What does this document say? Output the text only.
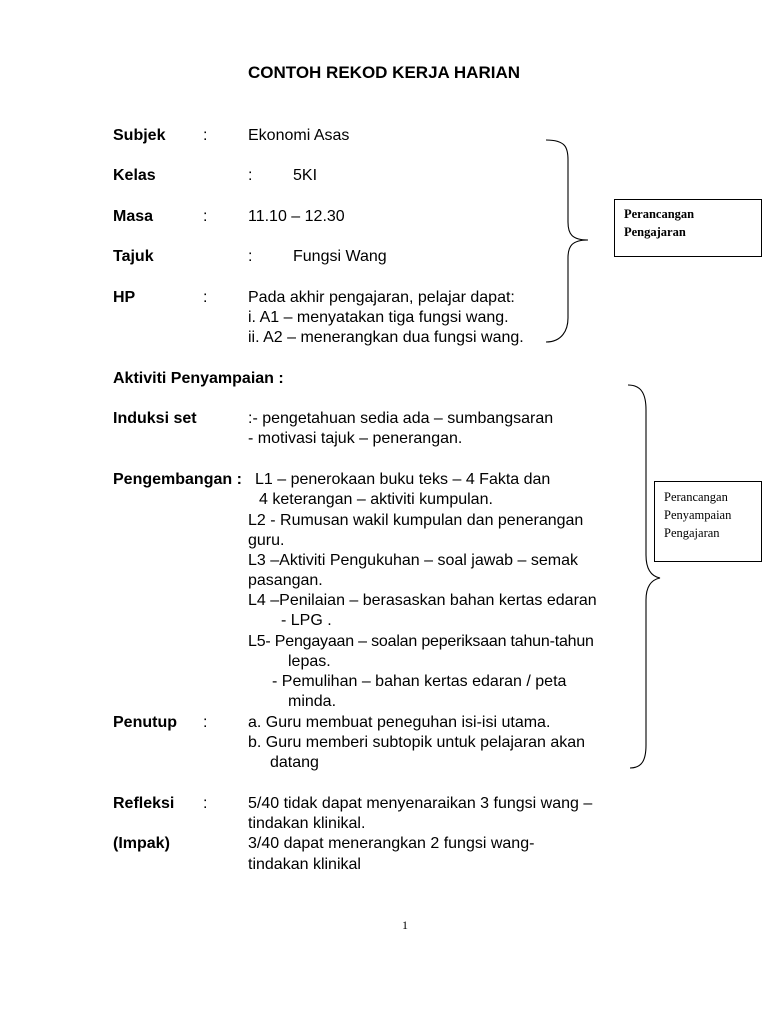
CONTOH REKOD KERJA HARIAN
Subjek :	Ekonomi Asas
Kelas	:	5KI
Masa	:	11.10 – 12.30
Tajuk	:	Fungsi Wang
HP	:	Pada akhir pengajaran, pelajar dapat:
i. A1 – menyatakan tiga fungsi wang.
ii. A2 – menerangkan dua fungsi wang.
Aktiviti Penyampaian :
Induksi set	:- pengetahuan sedia ada – sumbangsaran
- motivasi tajuk – penerangan.
Pengembangan : L1 – penerokaan buku teks – 4 Fakta dan
4 keterangan – aktiviti kumpulan.
L2 - Rumusan wakil kumpulan dan penerangan
guru.
L3 –Aktiviti Pengukuhan – soal jawab – semak
pasangan.
L4 –Penilaian – berasaskan bahan kertas edaran
- LPG .
L5- Pengayaan – soalan peperiksaan tahun-tahun
lepas.
- Pemulihan – bahan kertas edaran / peta
minda.
Penutup :	a. Guru membuat peneguhan isi-isi utama.
b. Guru memberi subtopik untuk pelajaran akan
datang
Refleksi :	5/40 tidak dapat menyenaraikan 3 fungsi wang –
tindakan klinikal.
(Impak)	3/40 dapat menerangkan 2 fungsi wang-
tindakan klinikal
Perancangan
Pengajaran
Perancangan
Penyampaian
Pengajaran
1
